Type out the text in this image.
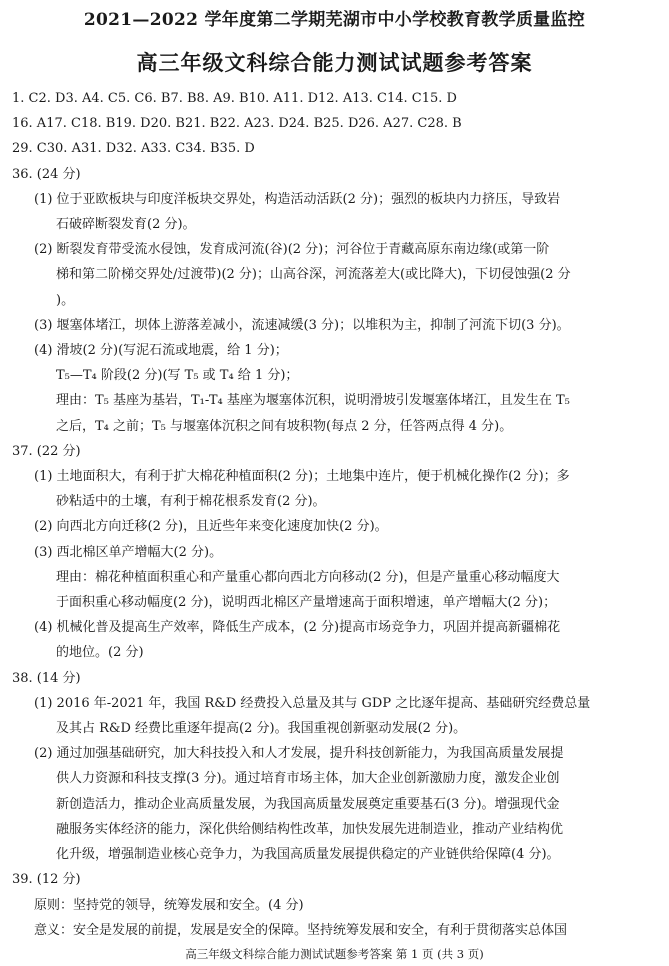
2021—2022 学年度第二学期芜湖市中小学校教育教学质量监控
高三年级文科综合能力测试试题参考答案
1. C2. D3. A4. C5. C6. B7. B8. A9. B10. A11. D12. A13. C14. C15. D
16. A17. C18. B19. D20. B21. B22. A23. D24. B25. D26. A27. C28. B
29. C30. A31. D32. A33. C34. B35. D
36. (24 分)
(1) 位于亚欧板块与印度洋板块交界处，构造活动活跃(2 分)；强烈的板块内力挤压，导致岩
石破碎断裂发育(2 分)。
(2) 断裂发育带受流水侵蚀，发育成河流(谷)(2 分)；河谷位于青藏高原东南边缘(或第一阶
梯和第二阶梯交界处/过渡带)(2 分)；山高谷深，河流落差大(或比降大)，下切侵蚀强(2 分
)。
(3) 堰塞体堵江，坝体上游落差减小，流速减缓(3 分)；以堆积为主，抑制了河流下切(3 分)。
(4) 滑坡(2 分)(写泥石流或地震，给 1 分)；
T₅—T₄ 阶段(2 分)(写 T₅ 或 T₄ 给 1 分)；
理由：T₅ 基座为基岩，T₁-T₄ 基座为堰塞体沉积，说明滑坡引发堰塞体堵江，且发生在 T₅
之后，T₄ 之前；T₅ 与堰塞体沉积之间有坡积物(每点 2 分，任答两点得 4 分)。
37. (22 分)
(1) 土地面积大，有利于扩大棉花种植面积(2 分)；土地集中连片，便于机械化操作(2 分)；多
砂粘适中的土壤，有利于棉花根系发育(2 分)。
(2) 向西北方向迁移(2 分)，且近些年来变化速度加快(2 分)。
(3) 西北棉区单产增幅大(2 分)。
理由：棉花种植面积重心和产量重心都向西北方向移动(2 分)，但是产量重心移动幅度大
于面积重心移动幅度(2 分)，说明西北棉区产量增速高于面积增速，单产增幅大(2 分)；
(4) 机械化普及提高生产效率，降低生产成本，(2 分)提高市场竞争力，巩固并提高新疆棉花
的地位。(2 分)
38. (14 分)
(1) 2016 年-2021 年，我国 R&D 经费投入总量及其与 GDP 之比逐年提高、基础研究经费总量
及其占 R&D 经费比重逐年提高(2 分)。我国重视创新驱动发展(2 分)。
(2) 通过加强基础研究，加大科技投入和人才发展，提升科技创新能力，为我国高质量发展提
供人力资源和科技支撑(3 分)。通过培育市场主体，加大企业创新激励力度，激发企业创
新创造活力，推动企业高质量发展，为我国高质量发展奠定重要基石(3 分)。增强现代金
融服务实体经济的能力，深化供给侧结构性改革，加快发展先进制造业，推动产业结构优
化升级，增强制造业核心竞争力，为我国高质量发展提供稳定的产业链供给保障(4 分)。
39. (12 分)
原则：坚持党的领导，统筹发展和安全。(4 分)
意义：安全是发展的前提，发展是安全的保障。坚持统筹发展和安全，有利于贯彻落实总体国
高三年级文科综合能力测试试题参考答案 第 1 页 (共 3 页)
